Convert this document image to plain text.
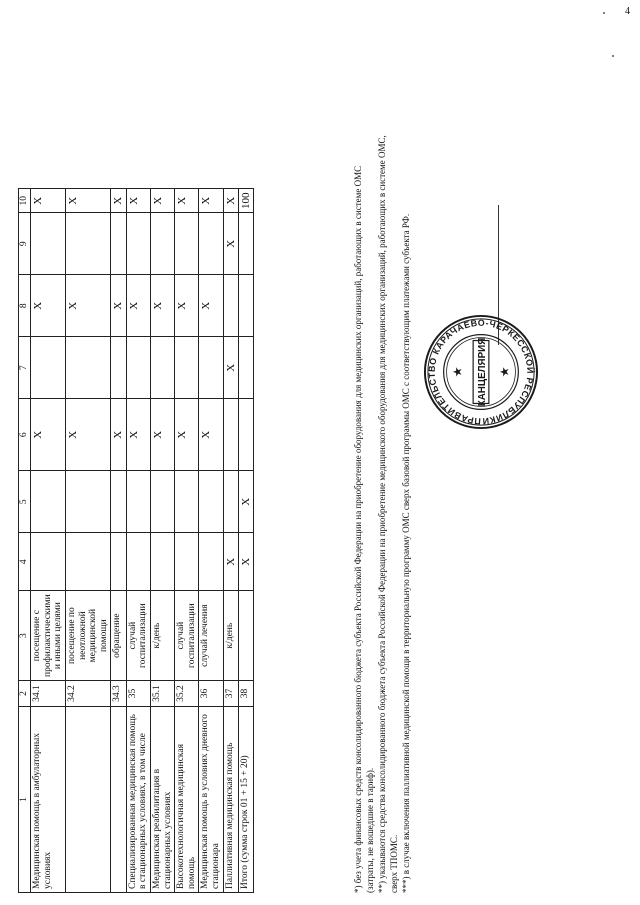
4
1	2	3	4	5	6	7	8	9	10
Медицинская помощь в амбулаторных условиях	34.1	посещение с профилактическими и иными целями			X		X		X
	34.2	посещение по неотложной медицинской помощи			X		X		X
	34.3	обращение			X		X		X
Специализированная медицинская помощь в стационарных условиях, в том числе	35	случай госпитализации			X		X		X
Медицинская реабилитация в стационарных условиях	35.1	к/день			X		X		X
Высокотехнологичная медицинская помощь	35.2	случай госпитализации			X		X		X
Медицинская помощь в условиях дневного стационара	36	случай лечения			X		X		X
Паллиативная медицинская помощь	37	к/день	X			X		X	X
Итого (сумма строк 01 + 15 + 20)	38		X	X					100	*) без учета финансовых средств консолидированного бюджета субъекта Российской Федерации на приобретение оборудования для медицинских организаций, работающих в системе ОМС (затраты, не вошедшие в тариф). **) указываются средства консолидированного бюджета субъекта Российской Федерации на приобретение медицинского оборудования для медицинских организаций, работающих в системе ОМС, сверх ТПОМС. ***) в случае включения паллиативной медицинской помощи в территориальную программу ОМС сверх базовой программы ОМС с соответствующим платежами субъекта РФ.	ПРАВИТЕЛЬСТВО КАРАЧАЕВО-ЧЕРКЕССКОЙ РЕСПУБЛИКИ
КАНЦЕЛЯРИЯ
★	★
